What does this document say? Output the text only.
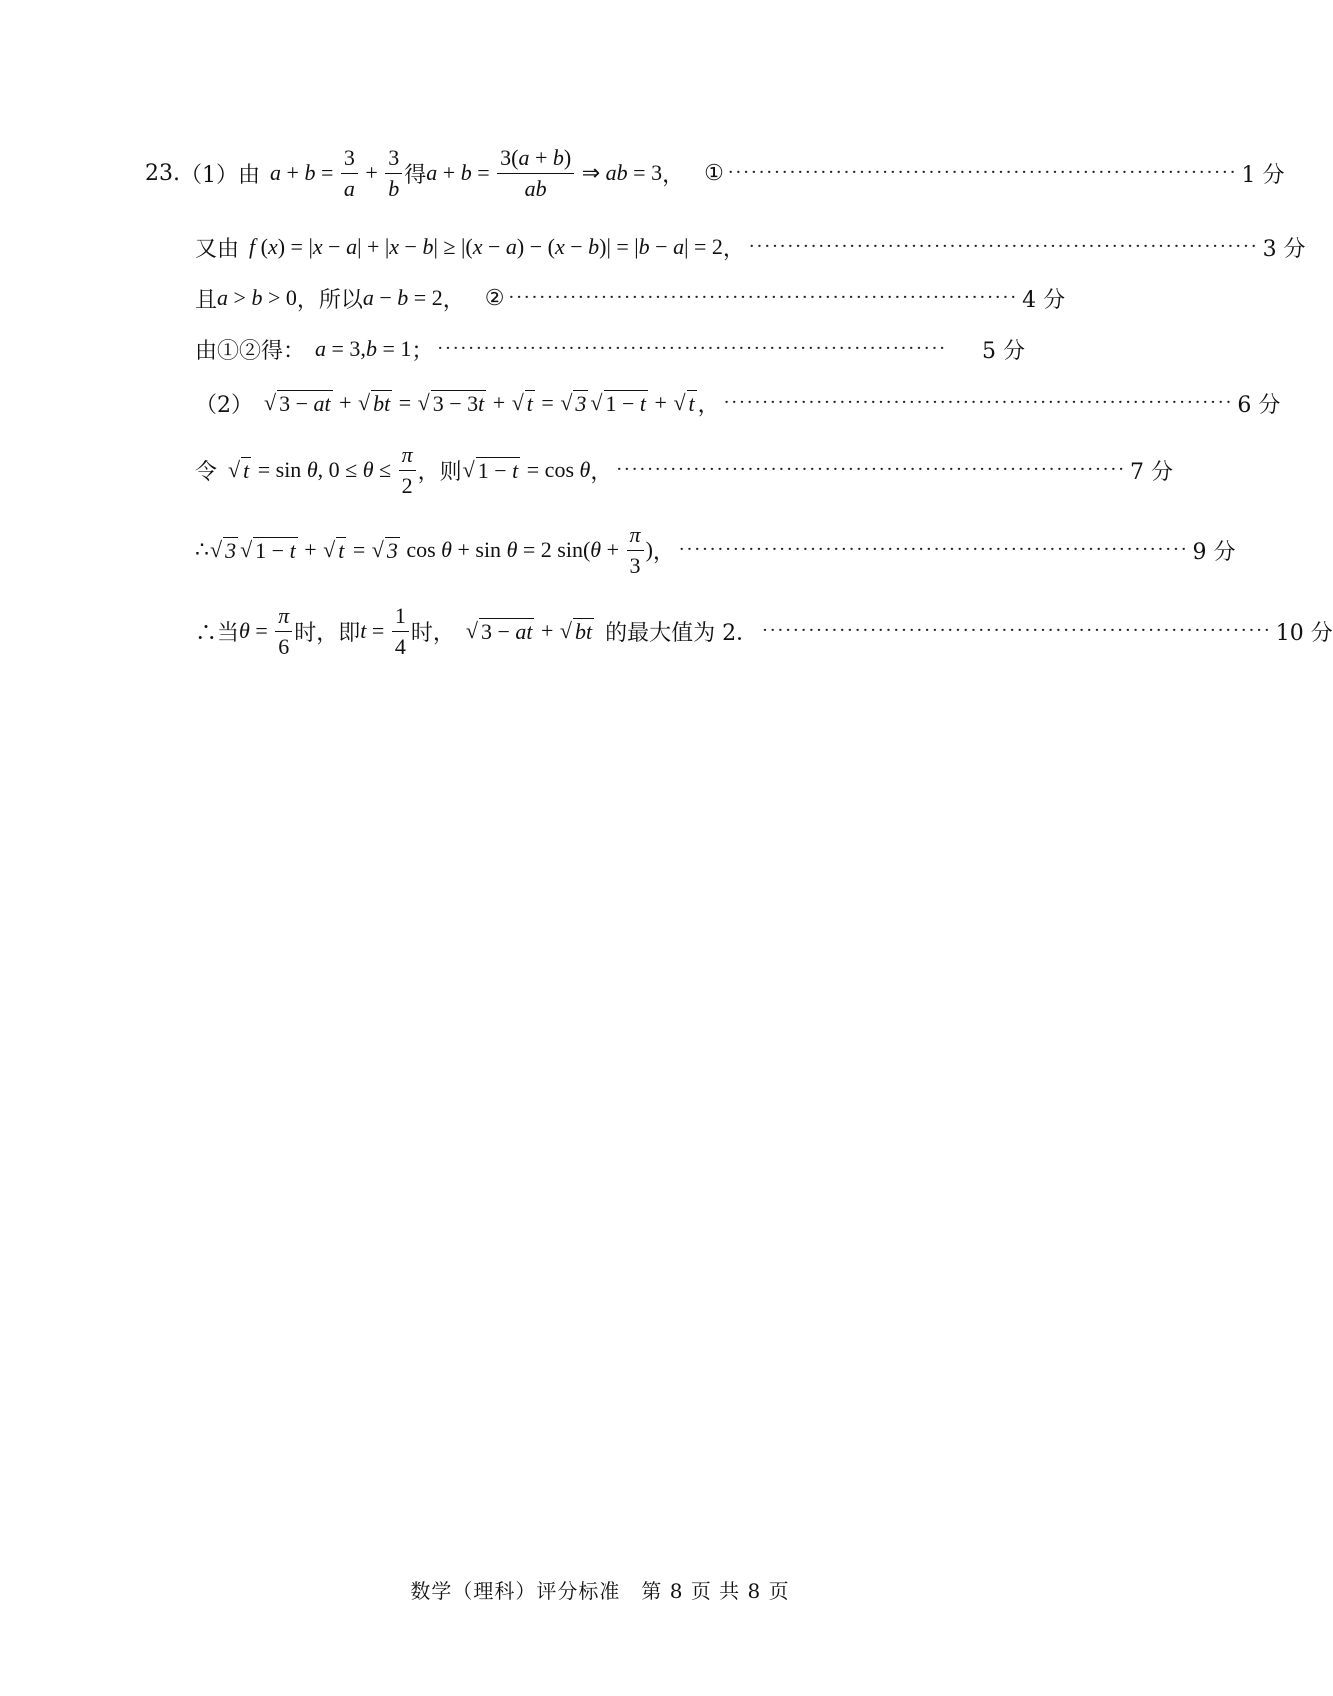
23. （1） 由 $a + b = \frac{3}{a} + \frac{3}{b}$ 得 $a + b = \frac{3(a + b)}{ab}$ ⇒ ab = 3 ， ① ·································································· 1 分
又由 f ( x ) = | x − a | + | x − b | ≥ |( x − a ) − ( x − b )| = | b − a | = 2 ， ·································································· 3 分
且 a > b > 0 ，所以 a − b = 2 ， ② ·································································· 4 分
由①②得： a = 3, b = 1 ； ··································································	5 分
（2） √ 3 − at + √ bt = √ 3 − 3t + √ t = √ 3 √ 1 − t + √ t ， ·································································· 6 分
令 √ t = sin θ , $0 \le \theta \le \frac{\pi}{2}$ ，则 √ 1 − t = cos θ ， ·································································· 7 分
∴ √ 3 √ 1 − t + √ t = √ 3 cos θ + sin θ = 2 sin( $\theta + \frac{\pi}{3}$ ) ， ·································································· 9 分
∴当 $\theta = \frac{\pi}{6}$ 时，即 $t = \frac{1}{4}$ 时， √ 3 − at + √ bt 的最大值为 2． ·································································· 10 分
数学（理科）评分标准　第 8 页 共 8 页
